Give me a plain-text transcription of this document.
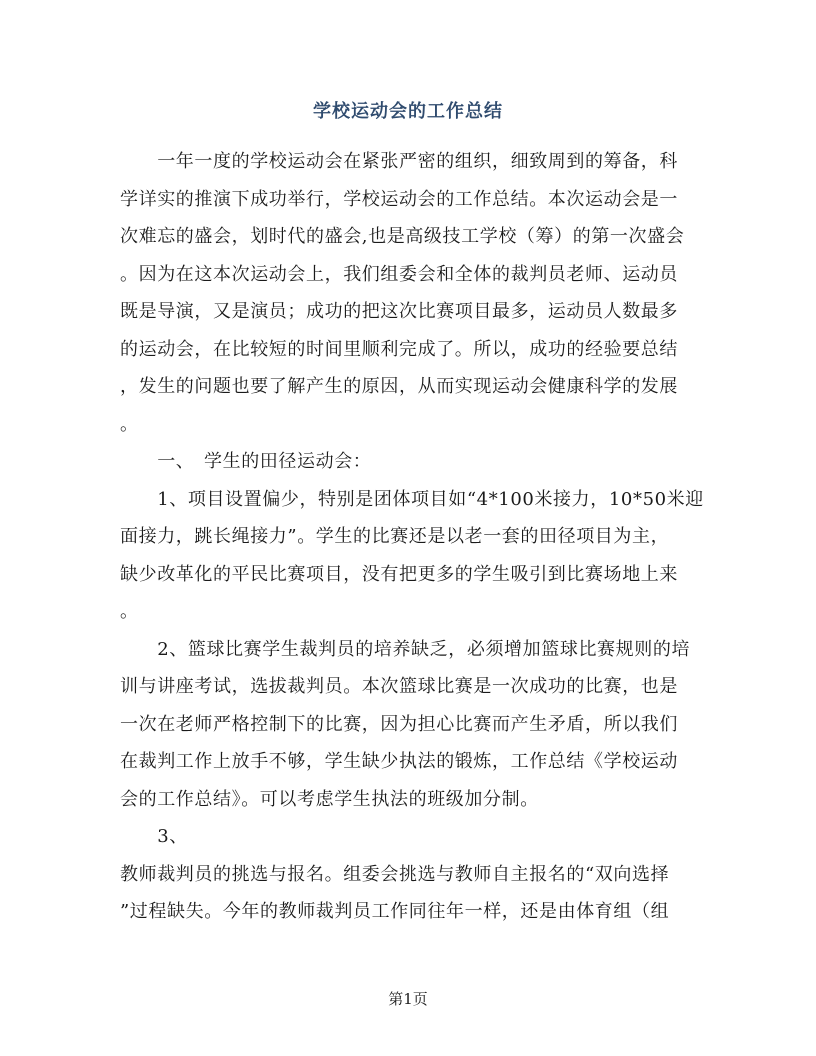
学校运动会的工作总结
　　一年一度的学校运动会在紧张严密的组织，细致周到的筹备，科
学详实的推演下成功举行，学校运动会的工作总结。本次运动会是一
次难忘的盛会，划时代的盛会,也是高级技工学校（筹）的第一次盛会
。因为在这本次运动会上，我们组委会和全体的裁判员老师、运动员
既是导演，又是演员；成功的把这次比赛项目最多，运动员人数最多
的运动会，在比较短的时间里顺利完成了。所以，成功的经验要总结
，发生的问题也要了解产生的原因，从而实现运动会健康科学的发展
。
　　一、　学生的田径运动会：
　　1、项目设置偏少，特别是团体项目如“4*100米接力，10*50米迎
面接力，跳长绳接力”。学生的比赛还是以老一套的田径项目为主，
缺少改革化的平民比赛项目，没有把更多的学生吸引到比赛场地上来
。
　　2、篮球比赛学生裁判员的培养缺乏，必须增加篮球比赛规则的培
训与讲座考试，选拔裁判员。本次篮球比赛是一次成功的比赛，也是
一次在老师严格控制下的比赛，因为担心比赛而产生矛盾，所以我们
在裁判工作上放手不够，学生缺少执法的锻炼，工作总结《学校运动
会的工作总结》。可以考虑学生执法的班级加分制。
　　3、
教师裁判员的挑选与报名。组委会挑选与教师自主报名的“双向选择
”过程缺失。今年的教师裁判员工作同往年一样，还是由体育组（组
第1页
